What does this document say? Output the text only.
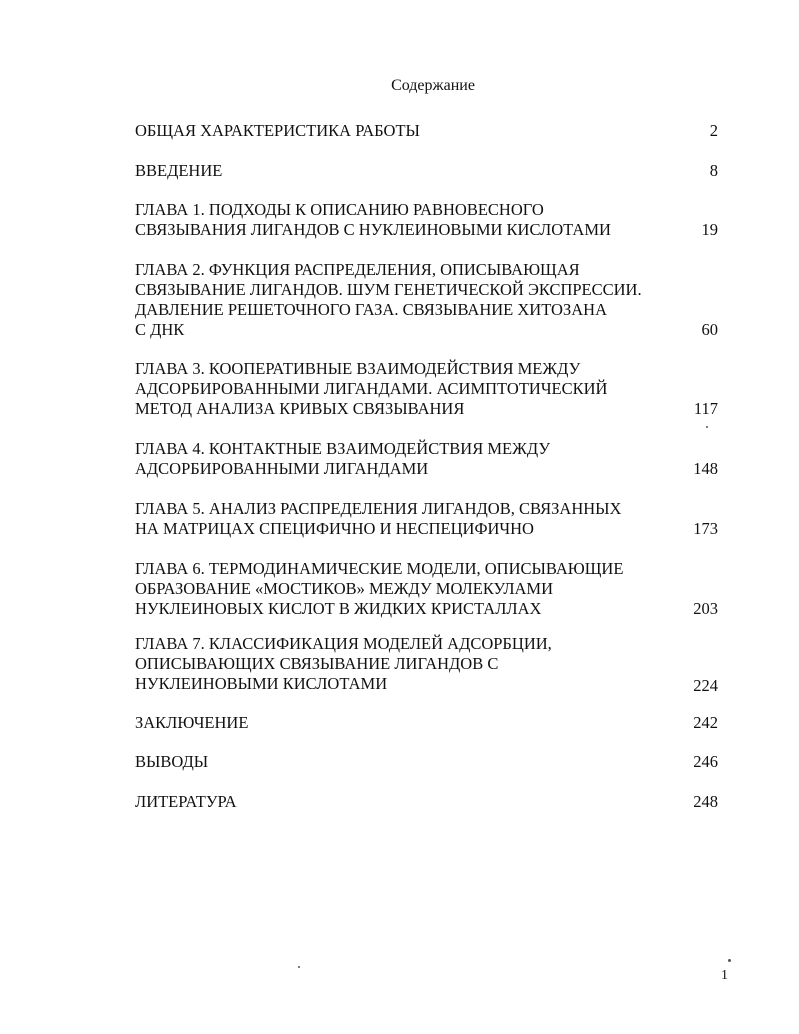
Содержание
ОБЩАЯ ХАРАКТЕРИСТИКА РАБОТЫ	2
ВВЕДЕНИЕ	8
ГЛАВА 1. ПОДХОДЫ К ОПИСАНИЮ РАВНОВЕСНОГО
СВЯЗЫВАНИЯ ЛИГАНДОВ С НУКЛЕИНОВЫМИ КИСЛОТАМИ	19
ГЛАВА 2. ФУНКЦИЯ РАСПРЕДЕЛЕНИЯ, ОПИСЫВАЮЩАЯ
СВЯЗЫВАНИЕ ЛИГАНДОВ. ШУМ ГЕНЕТИЧЕСКОЙ ЭКСПРЕССИИ.
ДАВЛЕНИЕ РЕШЕТОЧНОГО ГАЗА. СВЯЗЫВАНИЕ ХИТОЗАНА
С ДНК	60
ГЛАВА 3. КООПЕРАТИВНЫЕ ВЗАИМОДЕЙСТВИЯ МЕЖДУ
АДСОРБИРОВАННЫМИ ЛИГАНДАМИ. АСИМПТОТИЧЕСКИЙ
МЕТОД АНАЛИЗА КРИВЫХ СВЯЗЫВАНИЯ	117
ГЛАВА 4. КОНТАКТНЫЕ ВЗАИМОДЕЙСТВИЯ МЕЖДУ
АДСОРБИРОВАННЫМИ ЛИГАНДАМИ	148
ГЛАВА 5. АНАЛИЗ РАСПРЕДЕЛЕНИЯ ЛИГАНДОВ, СВЯЗАННЫХ
НА МАТРИЦАХ СПЕЦИФИЧНО И НЕСПЕЦИФИЧНО	173
ГЛАВА 6. ТЕРМОДИНАМИЧЕСКИЕ МОДЕЛИ, ОПИСЫВАЮЩИЕ
ОБРАЗОВАНИЕ «МОСТИКОВ» МЕЖДУ МОЛЕКУЛАМИ
НУКЛЕИНОВЫХ КИСЛОТ В ЖИДКИХ КРИСТАЛЛАХ	203
ГЛАВА 7. КЛАССИФИКАЦИЯ МОДЕЛЕЙ АДСОРБЦИИ,
ОПИСЫВАЮЩИХ СВЯЗЫВАНИЕ ЛИГАНДОВ С
НУКЛЕИНОВЫМИ КИСЛОТАМИ	224
ЗАКЛЮЧЕНИЕ	242
ВЫВОДЫ	246
ЛИТЕРАТУРА	248
1
